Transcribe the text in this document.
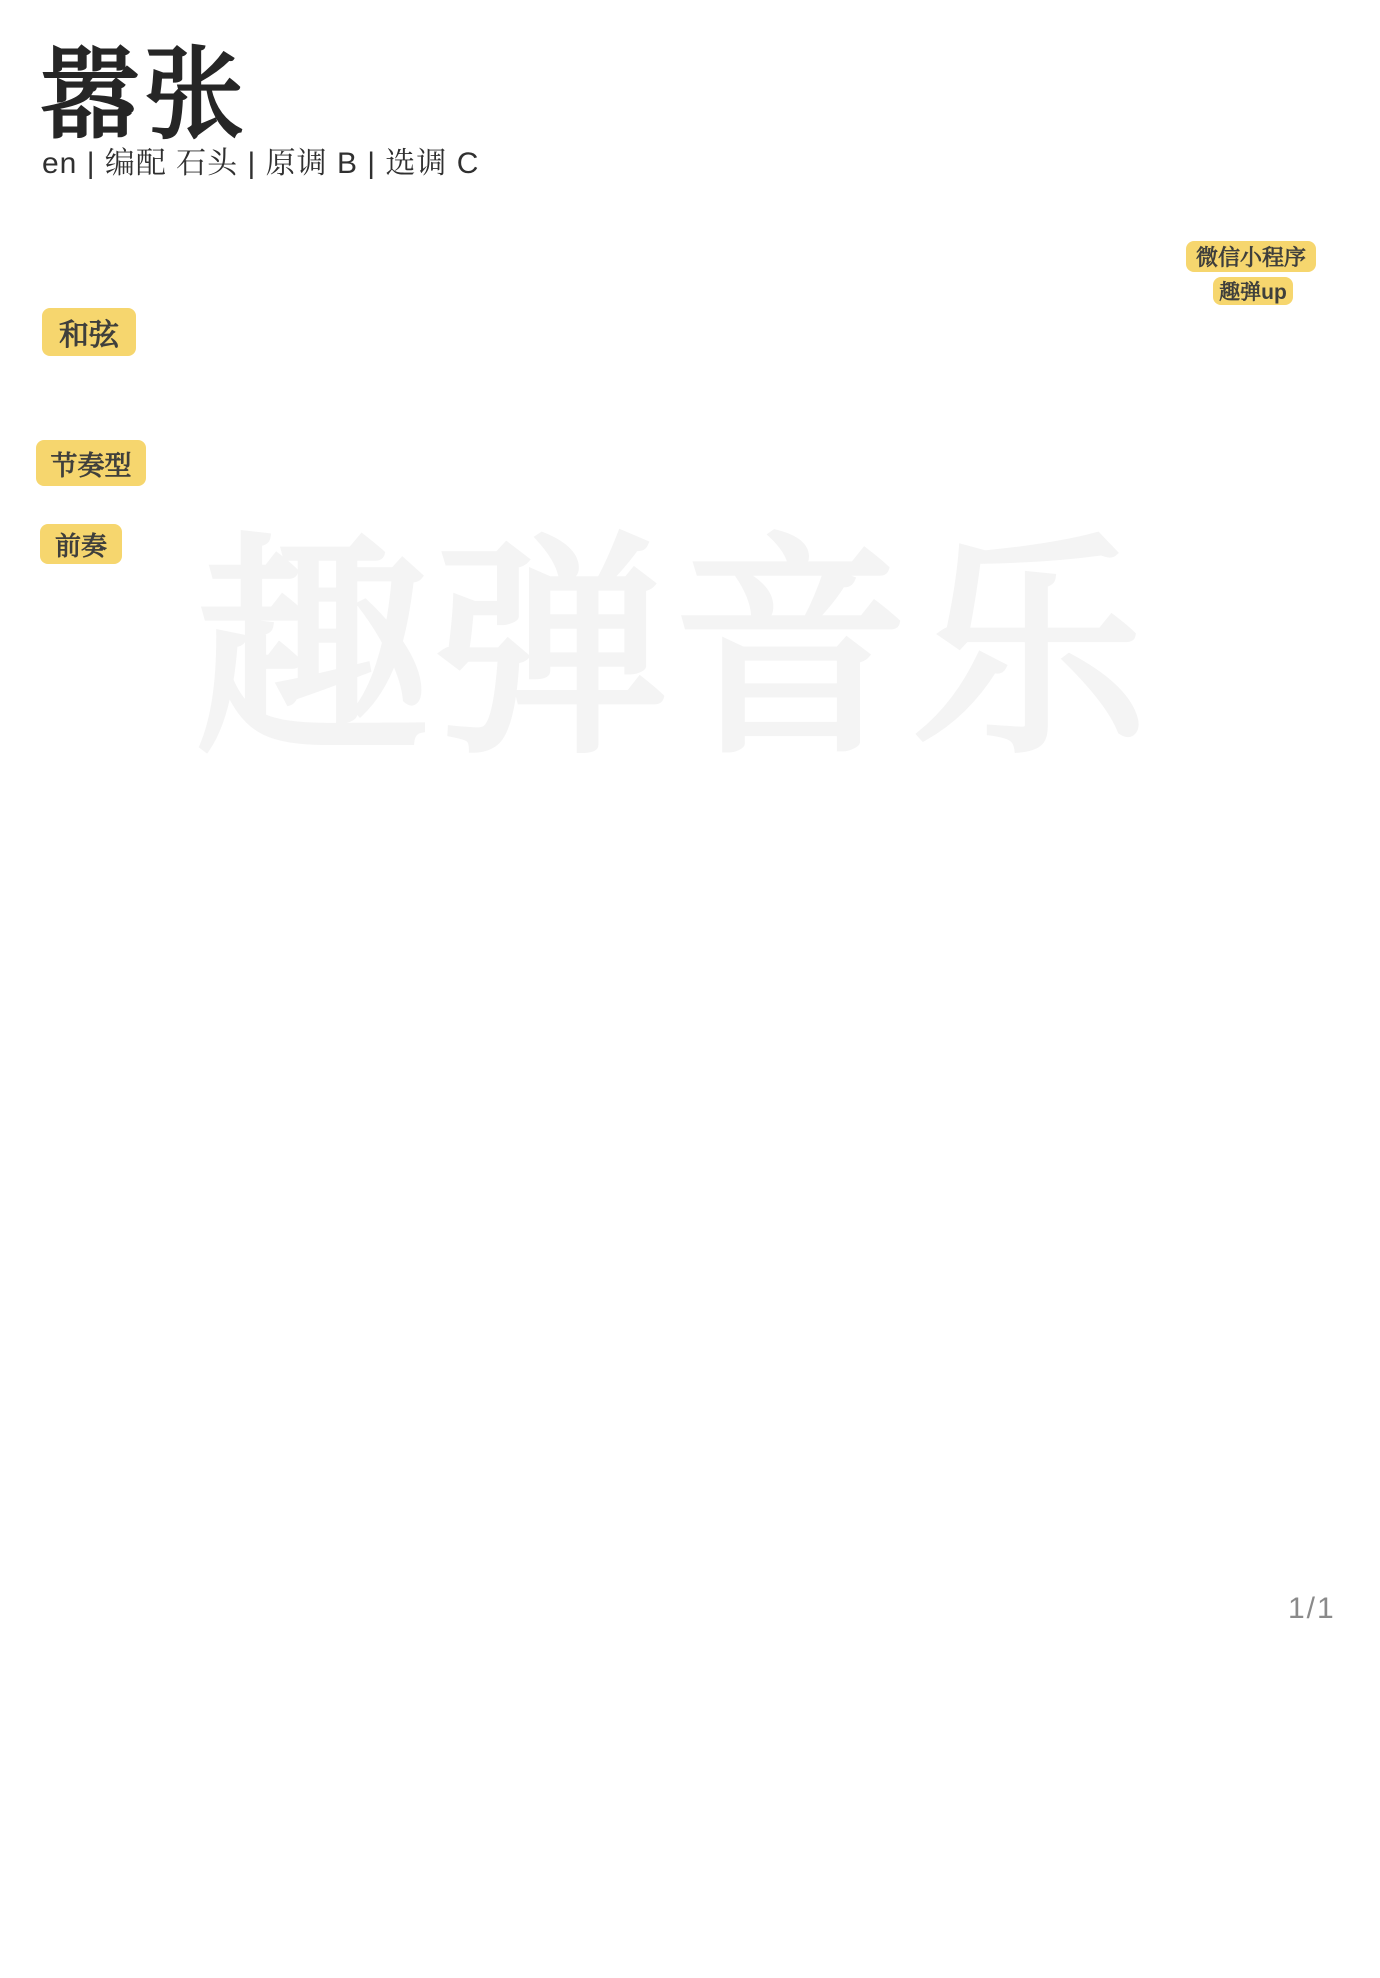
嚣张
en | 编配 石头 | 原调 B | 选调 C
微信小程序
趣弹up
和弦
节奏型
前奏 趣弹音乐
1/1
